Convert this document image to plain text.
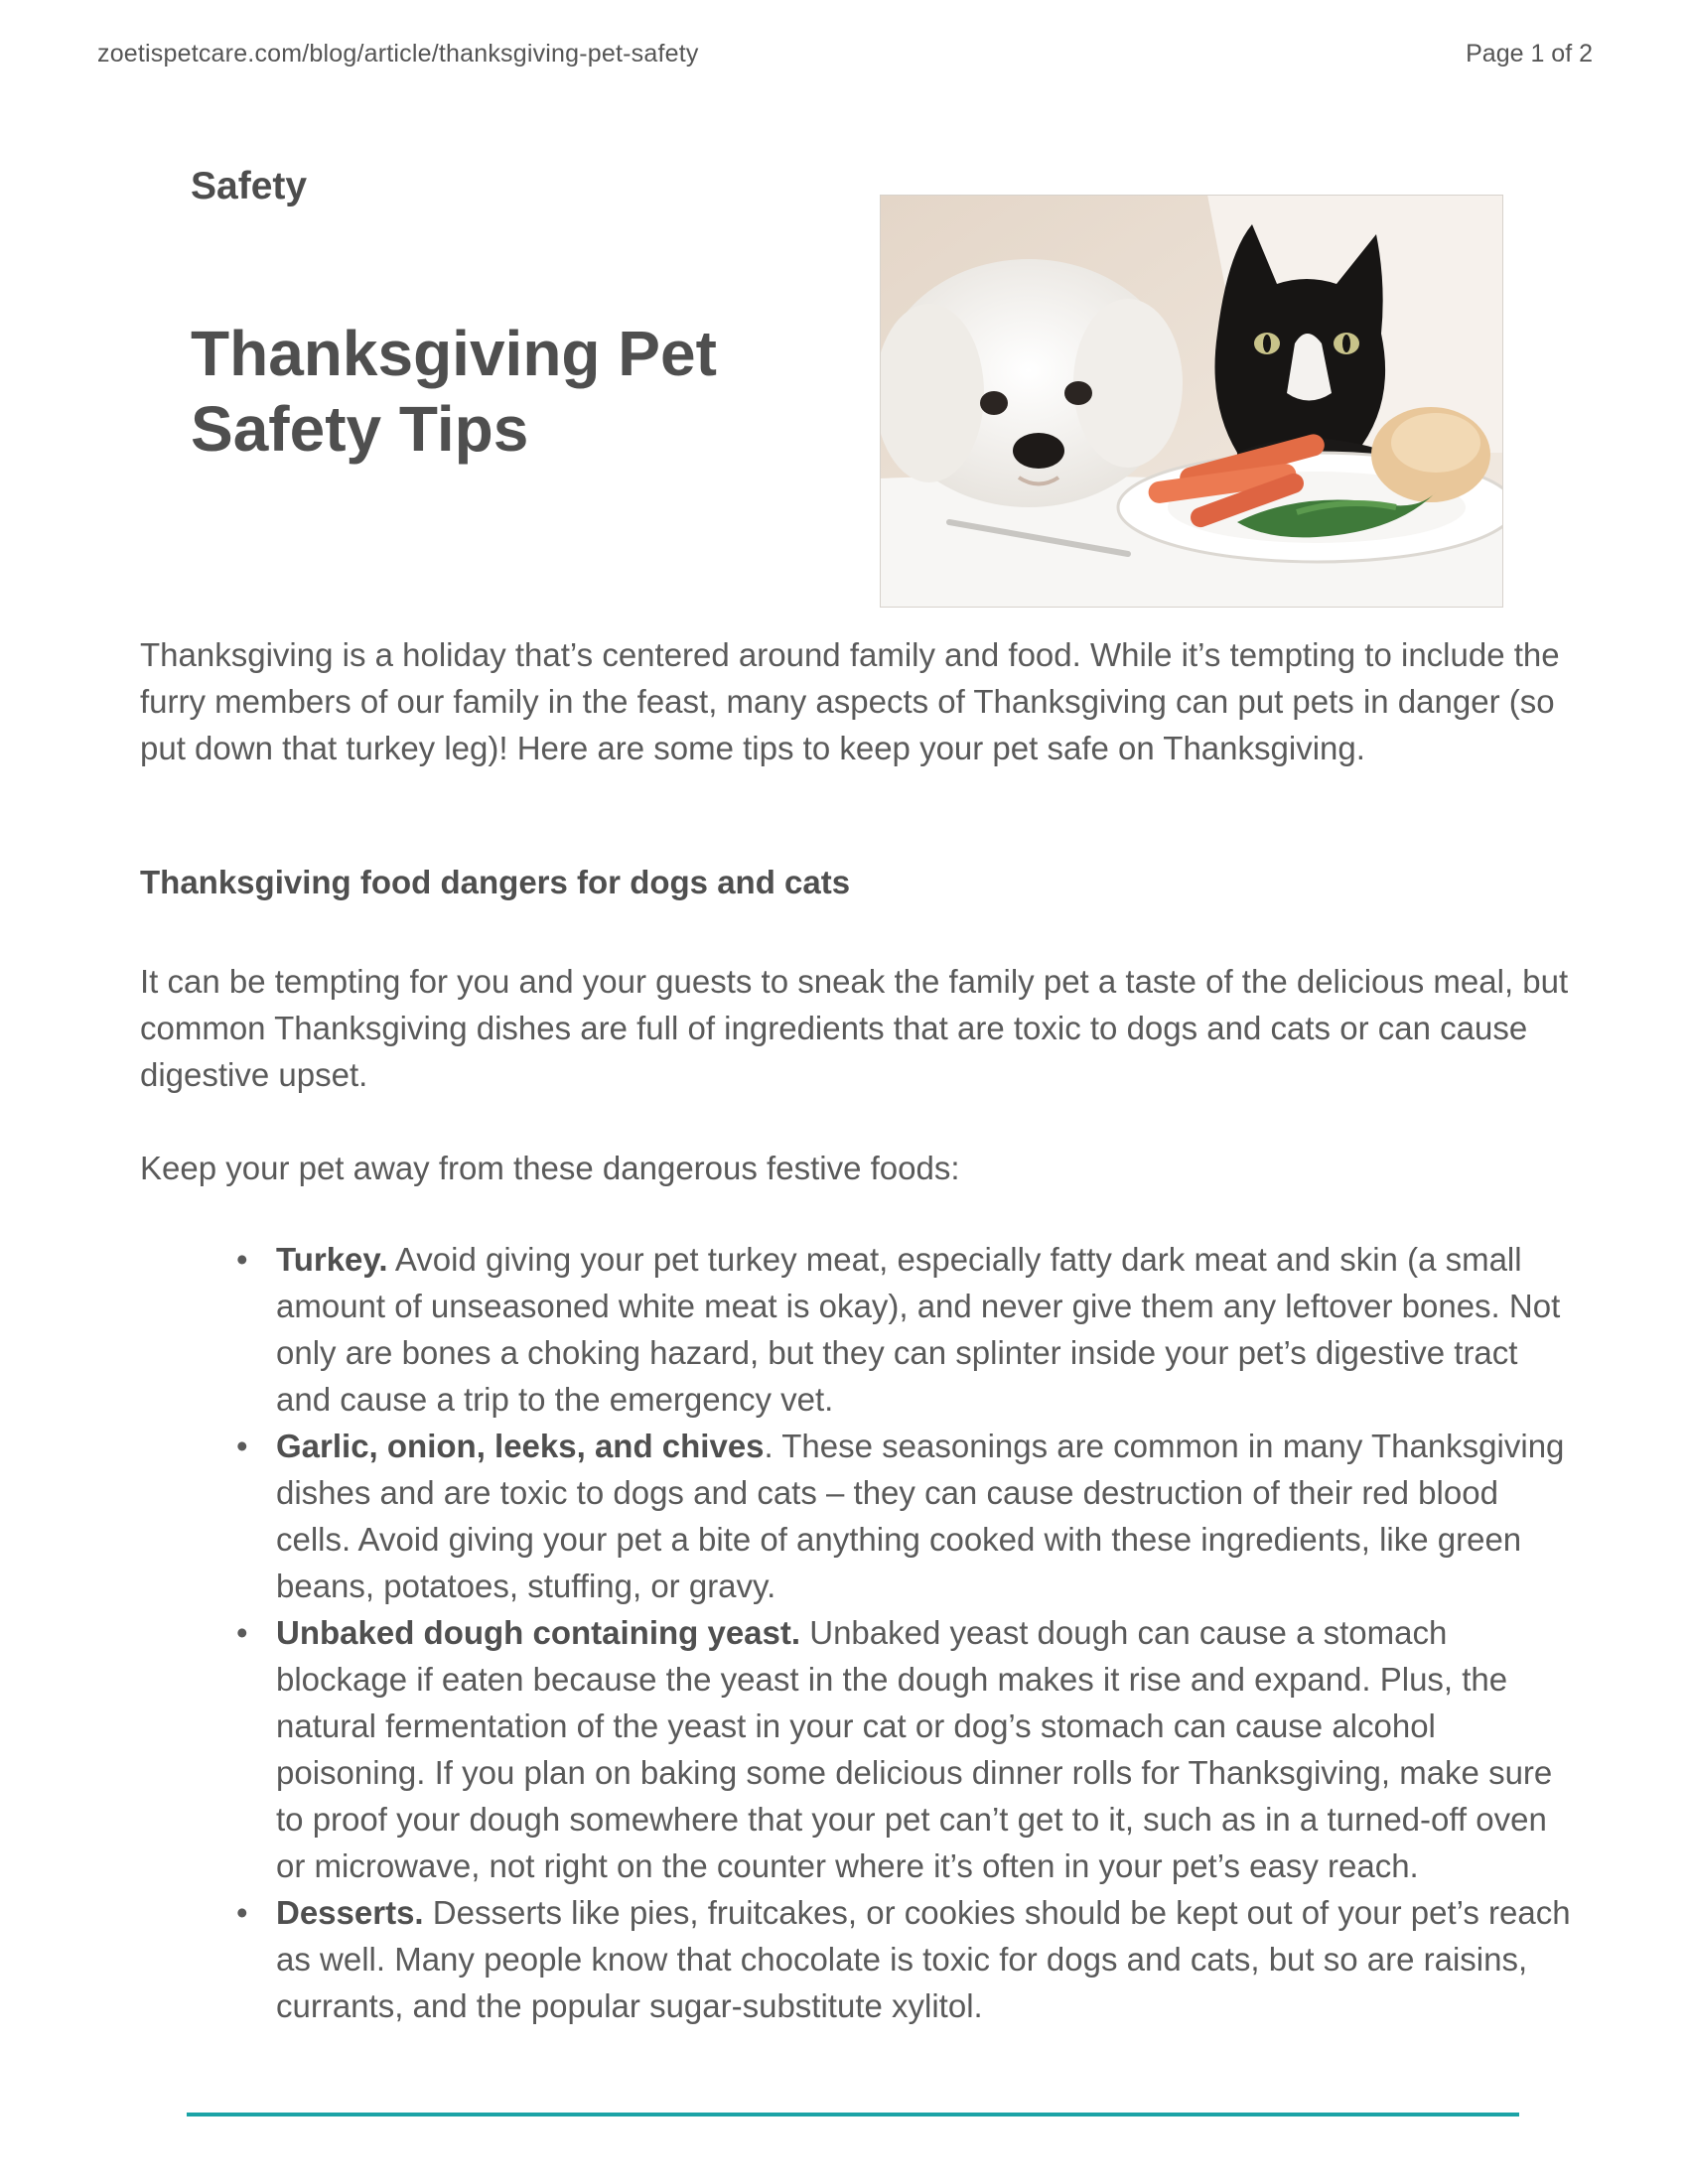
zoetispetcare.com/blog/article/thanksgiving-pet-safety	Page 1 of 2
Safety
Thanksgiving Pet Safety Tips

Thanksgiving is a holiday that’s centered around family and food. While it’s tempting to include the furry members of our family in the feast, many aspects of Thanksgiving can put pets in danger (so put down that turkey leg)! Here are some tips to keep your pet safe on Thanksgiving.

Thanksgiving food dangers for dogs and cats

It can be tempting for you and your guests to sneak the family pet a taste of the delicious meal, but common Thanksgiving dishes are full of ingredients that are toxic to dogs and cats or can cause digestive upset.

Keep your pet away from these dangerous festive foods:

• Turkey. Avoid giving your pet turkey meat, especially fatty dark meat and skin (a small amount of unseasoned white meat is okay), and never give them any leftover bones. Not only are bones a choking hazard, but they can splinter inside your pet’s digestive tract and cause a trip to the emergency vet.
• Garlic, onion, leeks, and chives. These seasonings are common in many Thanksgiving dishes and are toxic to dogs and cats – they can cause destruction of their red blood cells. Avoid giving your pet a bite of anything cooked with these ingredients, like green beans, potatoes, stuffing, or gravy.
• Unbaked dough containing yeast. Unbaked yeast dough can cause a stomach blockage if eaten because the yeast in the dough makes it rise and expand. Plus, the natural fermentation of the yeast in your cat or dog’s stomach can cause alcohol poisoning. If you plan on baking some delicious dinner rolls for Thanksgiving, make sure to proof your dough somewhere that your pet can’t get to it, such as in a turned-off oven or microwave, not right on the counter where it’s often in your pet’s easy reach.
• Desserts. Desserts like pies, fruitcakes, or cookies should be kept out of your pet’s reach as well. Many people know that chocolate is toxic for dogs and cats, but so are raisins, currants, and the popular sugar-substitute xylitol.
